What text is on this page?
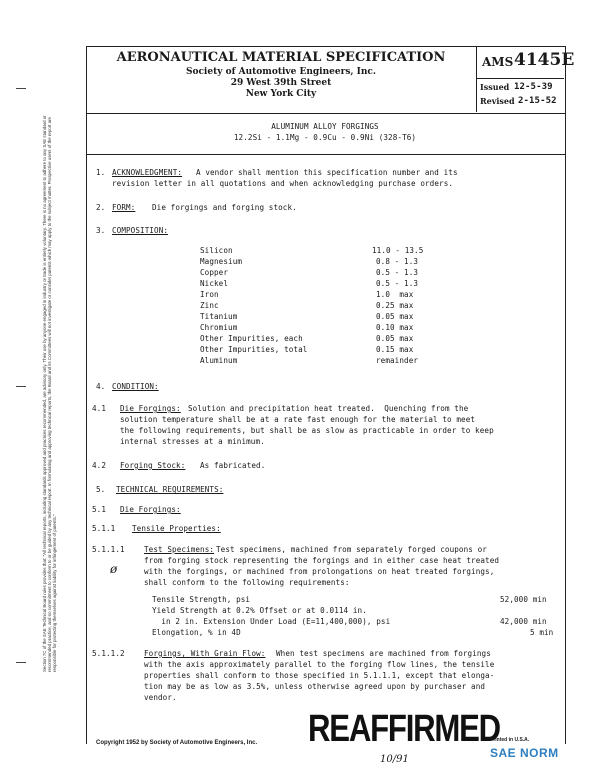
Section 7C of the SAE Technical Board rules provides that: "All technical reports, including standards approved and practices recommended, are advisory only. Their use by anyone engaged in industry or trade is entirely voluntary. There is no agreement to adhere to any SAE standard or recommended practice, and no commitment to conform to or be guided by any technical report. In formulating and approving technical reports, the Board and its Committees will not investigate or consider patents which may apply to the subject matter. Prospective users of the report are responsible for protecting themselves against liability for infringement of patents."
AERONAUTICAL MATERIAL SPECIFICATION
Society of Automotive Engineers, Inc.
29 West 39th Street
New York City
AMS 4145E
Issued 12-5-39
Revised 2-15-52
ALUMINUM ALLOY FORGINGS
12.2Si - 1.1Mg - 0.9Cu - 0.9Ni (328-T6)
1. ACKNOWLEDGMENT: A vendor shall mention this specification number and its
revision letter in all quotations and when acknowledging purchase orders.
2. FORM: Die forgings and forging stock.
3. COMPOSITION:
Silicon	11.0 - 13.5
Magnesium	0.8 - 1.3
Copper	0.5 - 1.3
Nickel	0.5 - 1.3
Iron	1.0  max
Zinc	0.25 max
Titanium	0.05 max
Chromium	0.10 max
Other Impurities, each	0.05 max
Other Impurities, total	0.15 max
Aluminum	remainder
4. CONDITION:
4.1 Die Forgings: Solution and precipitation heat treated.  Quenching from the
solution temperature shall be at a rate fast enough for the material to meet
the following requirements, but shall be as slow as practicable in order to keep
internal stresses at a minimum.
4.2 Forging Stock: As fabricated.
5. TECHNICAL REQUIREMENTS:
5.1 Die Forgings:
5.1.1 Tensile Properties:
5.1.1.1	Test Specimens: Test specimens, machined from separately forged coupons or
from forging stock representing the forgings and in either case heat treated
with the forgings, or machined from prolongations on heat treated forgings,
shall conform to the following requirements:
ø
Tensile Strength, psi	52,000 min
Yield Strength at 0.2% Offset or at 0.0114 in.
in 2 in. Extension Under Load (E=11,400,000), psi	42,000 min
Elongation, % in 4D	5 min
5.1.1.2	Forgings, With Grain Flow: When test specimens are machined from forgings
with the axis approximately parallel to the forging flow lines, the tensile
properties shall conform to those specified in 5.1.1.1, except that elonga-
tion may be as low as 3.5%, unless otherwise agreed upon by purchaser and
vendor.
Copyright 1952 by Society of Automotive Engineers, Inc. REAFFIRMED
10/91
Printed in U.S.A.
SAE NORM
